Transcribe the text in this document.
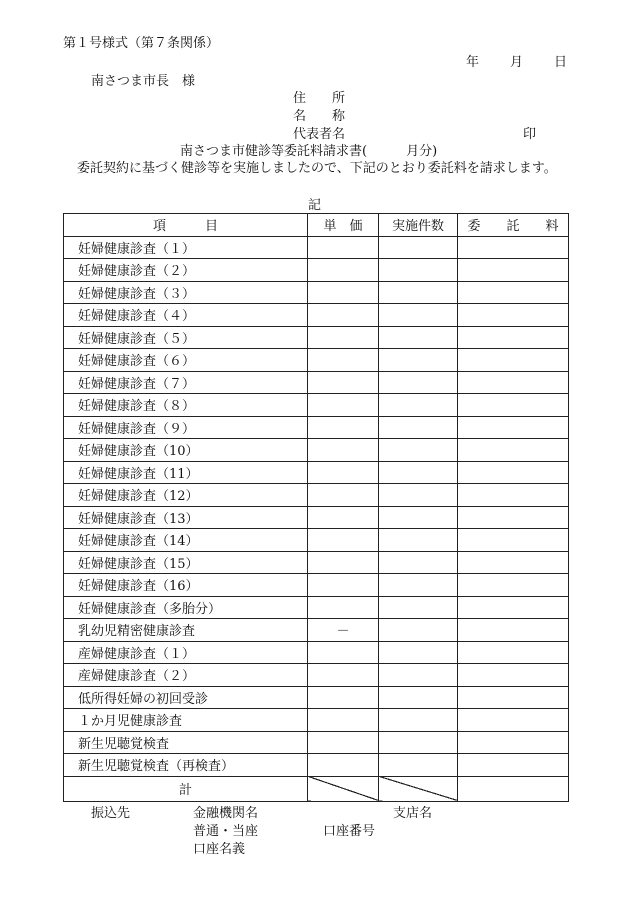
第１号様式（第７条関係）
年 月 日
南さつま市長　様
住　　所
名　　称
代表者名	印
南さつま市健診等委託料請求書(　　　月分)
委託契約に基づく健診等を実施しましたので、下記のとおり委託料を請求します。
記
項　　　目	単　価	実施件数	委　　託　　料
妊婦健康診査（１）			
妊婦健康診査（２）			
妊婦健康診査（３）			
妊婦健康診査（４）			
妊婦健康診査（５）			
妊婦健康診査（６）			
妊婦健康診査（７）			
妊婦健康診査（８）			
妊婦健康診査（９）			
妊婦健康診査（10）			
妊婦健康診査（11）			
妊婦健康診査（12）			
妊婦健康診査（13）			
妊婦健康診査（14）			
妊婦健康診査（15）			
妊婦健康診査（16）			
妊婦健康診査（多胎分）			
乳幼児精密健康診査	－		
産婦健康診査（１）			
産婦健康診査（２）			
低所得妊婦の初回受診			
１か月児健康診査			
新生児聴覚検査			
新生児聴覚検査（再検査）			
計			
振込先	金融機関名	支店名
普通・当座	口座番号
口座名義
